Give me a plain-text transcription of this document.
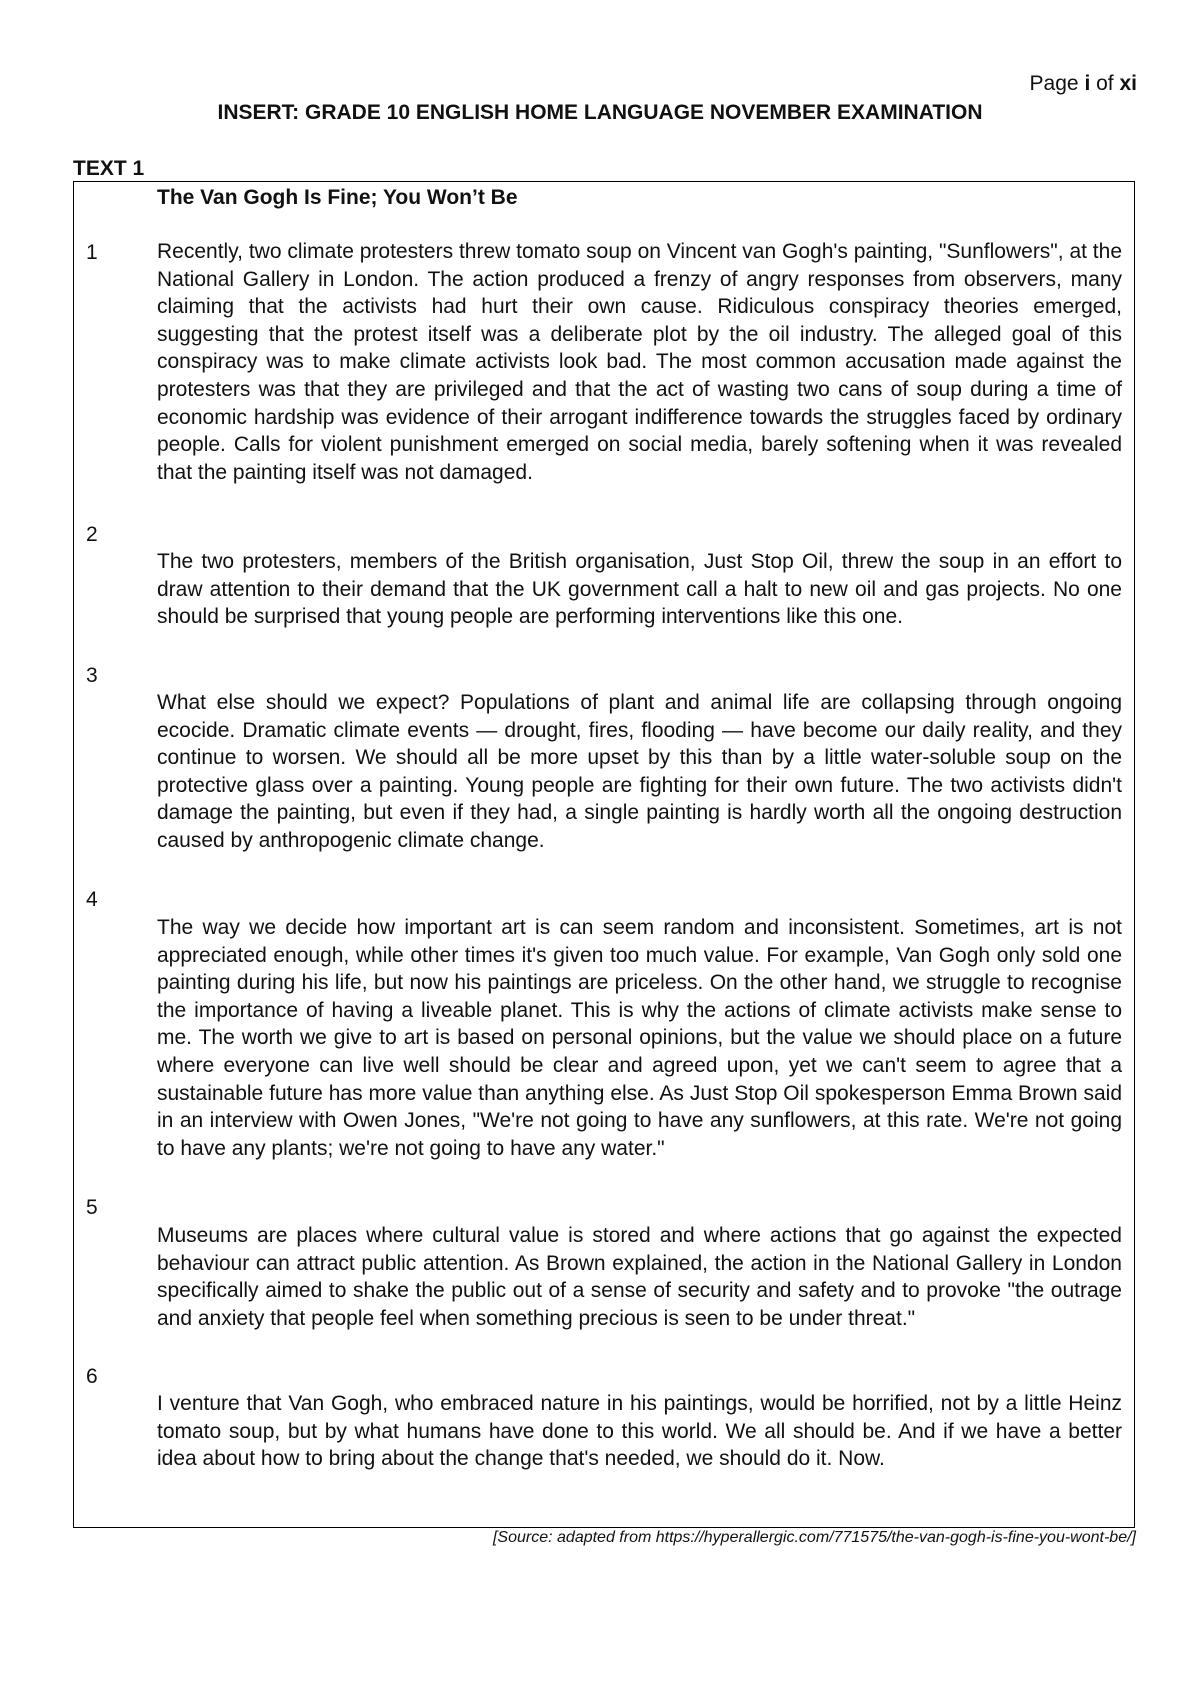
Page i of xi
INSERT: GRADE 10 ENGLISH HOME LANGUAGE NOVEMBER EXAMINATION
TEXT 1
The Van Gogh Is Fine; You Won’t Be
1	Recently, two climate protesters threw tomato soup on Vincent van Gogh's painting, "Sunflowers", at the National Gallery in London. The action produced a frenzy of angry responses from observers, many claiming that the activists had hurt their own cause. Ridiculous conspiracy theories emerged, suggesting that the protest itself was a deliberate plot by the oil industry. The alleged goal of this conspiracy was to make climate activists look bad. The most common accusation made against the protesters was that they are privileged and that the act of wasting two cans of soup during a time of economic hardship was evidence of their arrogant indifference towards the struggles faced by ordinary people. Calls for violent punishment emerged on social media, barely softening when it was revealed that the painting itself was not damaged.

2

The two protesters, members of the British organisation, Just Stop Oil, threw the soup in an effort to draw attention to their demand that the UK government call a halt to new oil and gas projects. No one should be surprised that young people are performing interventions like this one.

3

What else should we expect? Populations of plant and animal life are collapsing through ongoing ecocide. Dramatic climate events — drought, fires, flooding — have become our daily reality, and they continue to worsen. We should all be more upset by this than by a little water-soluble soup on the protective glass over a painting. Young people are fighting for their own future. The two activists didn't damage the painting, but even if they had, a single painting is hardly worth all the ongoing destruction caused by anthropogenic climate change.

4

The way we decide how important art is can seem random and inconsistent. Sometimes, art is not appreciated enough, while other times it's given too much value. For example, Van Gogh only sold one painting during his life, but now his paintings are priceless. On the other hand, we struggle to recognise the importance of having a liveable planet. This is why the actions of climate activists make sense to me. The worth we give to art is based on personal opinions, but the value we should place on a future where everyone can live well should be clear and agreed upon, yet we can't seem to agree that a sustainable future has more value than anything else. As Just Stop Oil spokesperson Emma Brown said in an interview with Owen Jones, "We're not going to have any sunflowers, at this rate. We're not going to have any plants; we're not going to have any water."

5

Museums are places where cultural value is stored and where actions that go against the expected behaviour can attract public attention. As Brown explained, the action in the National Gallery in London specifically aimed to shake the public out of a sense of security and safety and to provoke "the outrage and anxiety that people feel when something precious is seen to be under threat."

6

I venture that Van Gogh, who embraced nature in his paintings, would be horrified, not by a little Heinz tomato soup, but by what humans have done to this world. We all should be. And if we have a better idea about how to bring about the change that's needed, we should do it. Now.

[Source: adapted from https://hyperallergic.com/771575/the-van-gogh-is-fine-you-wont-be/]
